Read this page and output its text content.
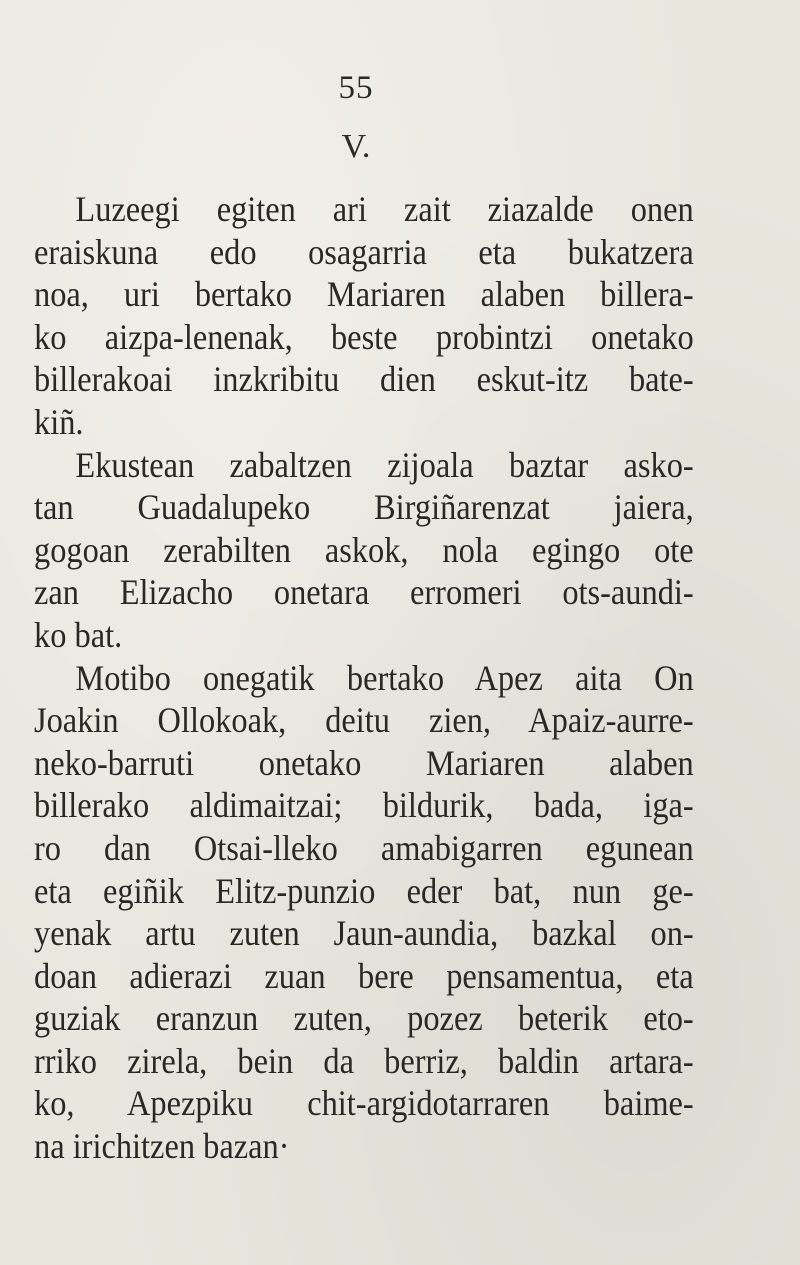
55
V.
Luzeegi egiten ari zait ziazalde onen
eraiskuna edo osagarria eta bukatzera
noa, uri bertako Mariaren alaben billera-
ko aizpa-lenenak, beste probintzi onetako
billerakoai inzkribitu dien eskut-itz bate-
kiñ.
Ekustean zabaltzen zijoala baztar asko-
tan Guadalupeko Birgiñarenzat jaiera,
gogoan zerabilten askok, nola egingo ote
zan Elizacho onetara erromeri ots-aundi-
ko bat.
Motibo onegatik bertako Apez aita On
Joakin Ollokoak, deitu zien, Apaiz-aurre-
neko-barruti onetako Mariaren alaben
billerako aldimaitzai; bildurik, bada, iga-
ro dan Otsai-lleko amabigarren egunean
eta egiñik Elitz-punzio eder bat, nun ge-
yenak artu zuten Jaun-aundia, bazkal on-
doan adierazi zuan bere pensamentua, eta
guziak eranzun zuten, pozez beterik eto-
rriko zirela, bein da berriz, baldin artara-
ko, Apezpiku chit-argidotarraren baime-
na irichitzen bazan·
